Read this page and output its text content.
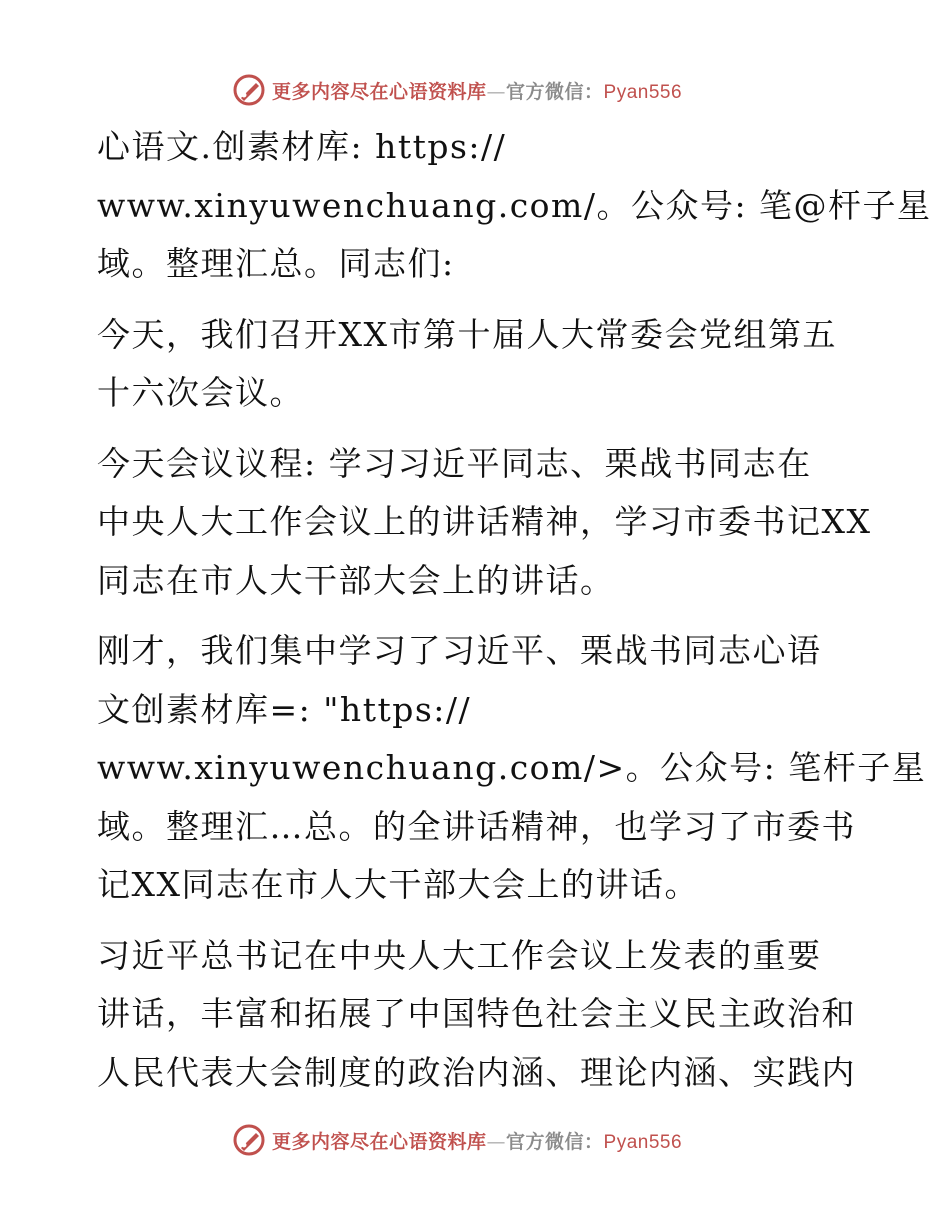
更多内容尽在心语资料库—官方微信：Pyan556
心语文.创素材库: https://
www.xinyuwenchuang.com/。公众号: 笔@杆子星
域。整理汇总。同志们:
今天，我们召开XX市第十届人大常委会党组第五
十六次会议。
今天会议议程: 学习习近平同志、栗战书同志在
中央人大工作会议上的讲话精神，学习市委书记XX
同志在市人大干部大会上的讲话。
刚才，我们集中学习了习近平、栗战书同志心语
文创素材库=: "https://
www.xinyuwenchuang.com/>。公众号: 笔杆子星
域。整理汇…总。的全讲话精神，也学习了市委书
记XX同志在市人大干部大会上的讲话。
习近平总书记在中央人大工作会议上发表的重要
讲话，丰富和拓展了中国特色社会主义民主政治和
人民代表大会制度的政治内涵、理论内涵、实践内
更多内容尽在心语资料库—官方微信：Pyan556
